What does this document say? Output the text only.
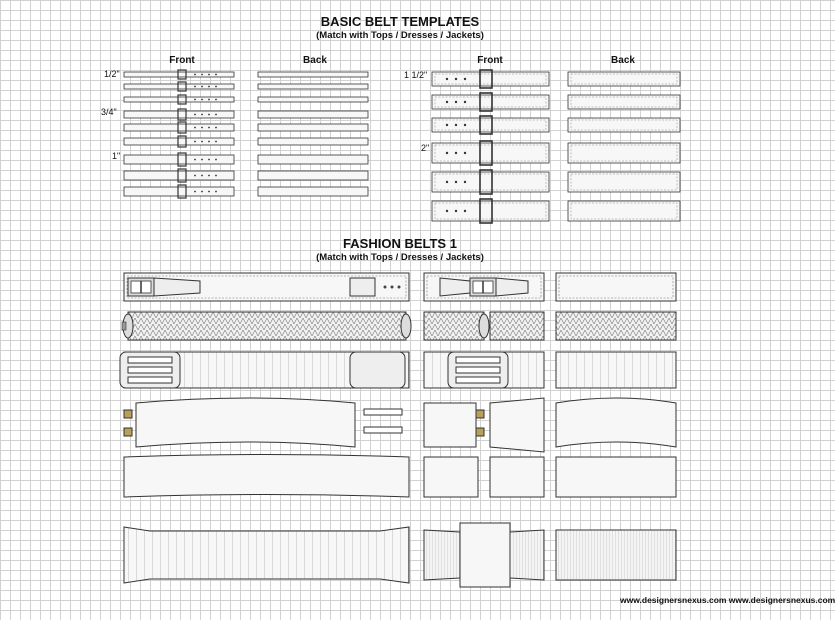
BASIC BELT TEMPLATES
(Match with Tops / Dresses / Jackets)
Front	Back	Front	Back
1/2"
3/4"
1"
1 1/2"
2"
FASHION BELTS 1
(Match with Tops / Dresses / Jackets)
www.designersnexus.com www.designersnexus.com
